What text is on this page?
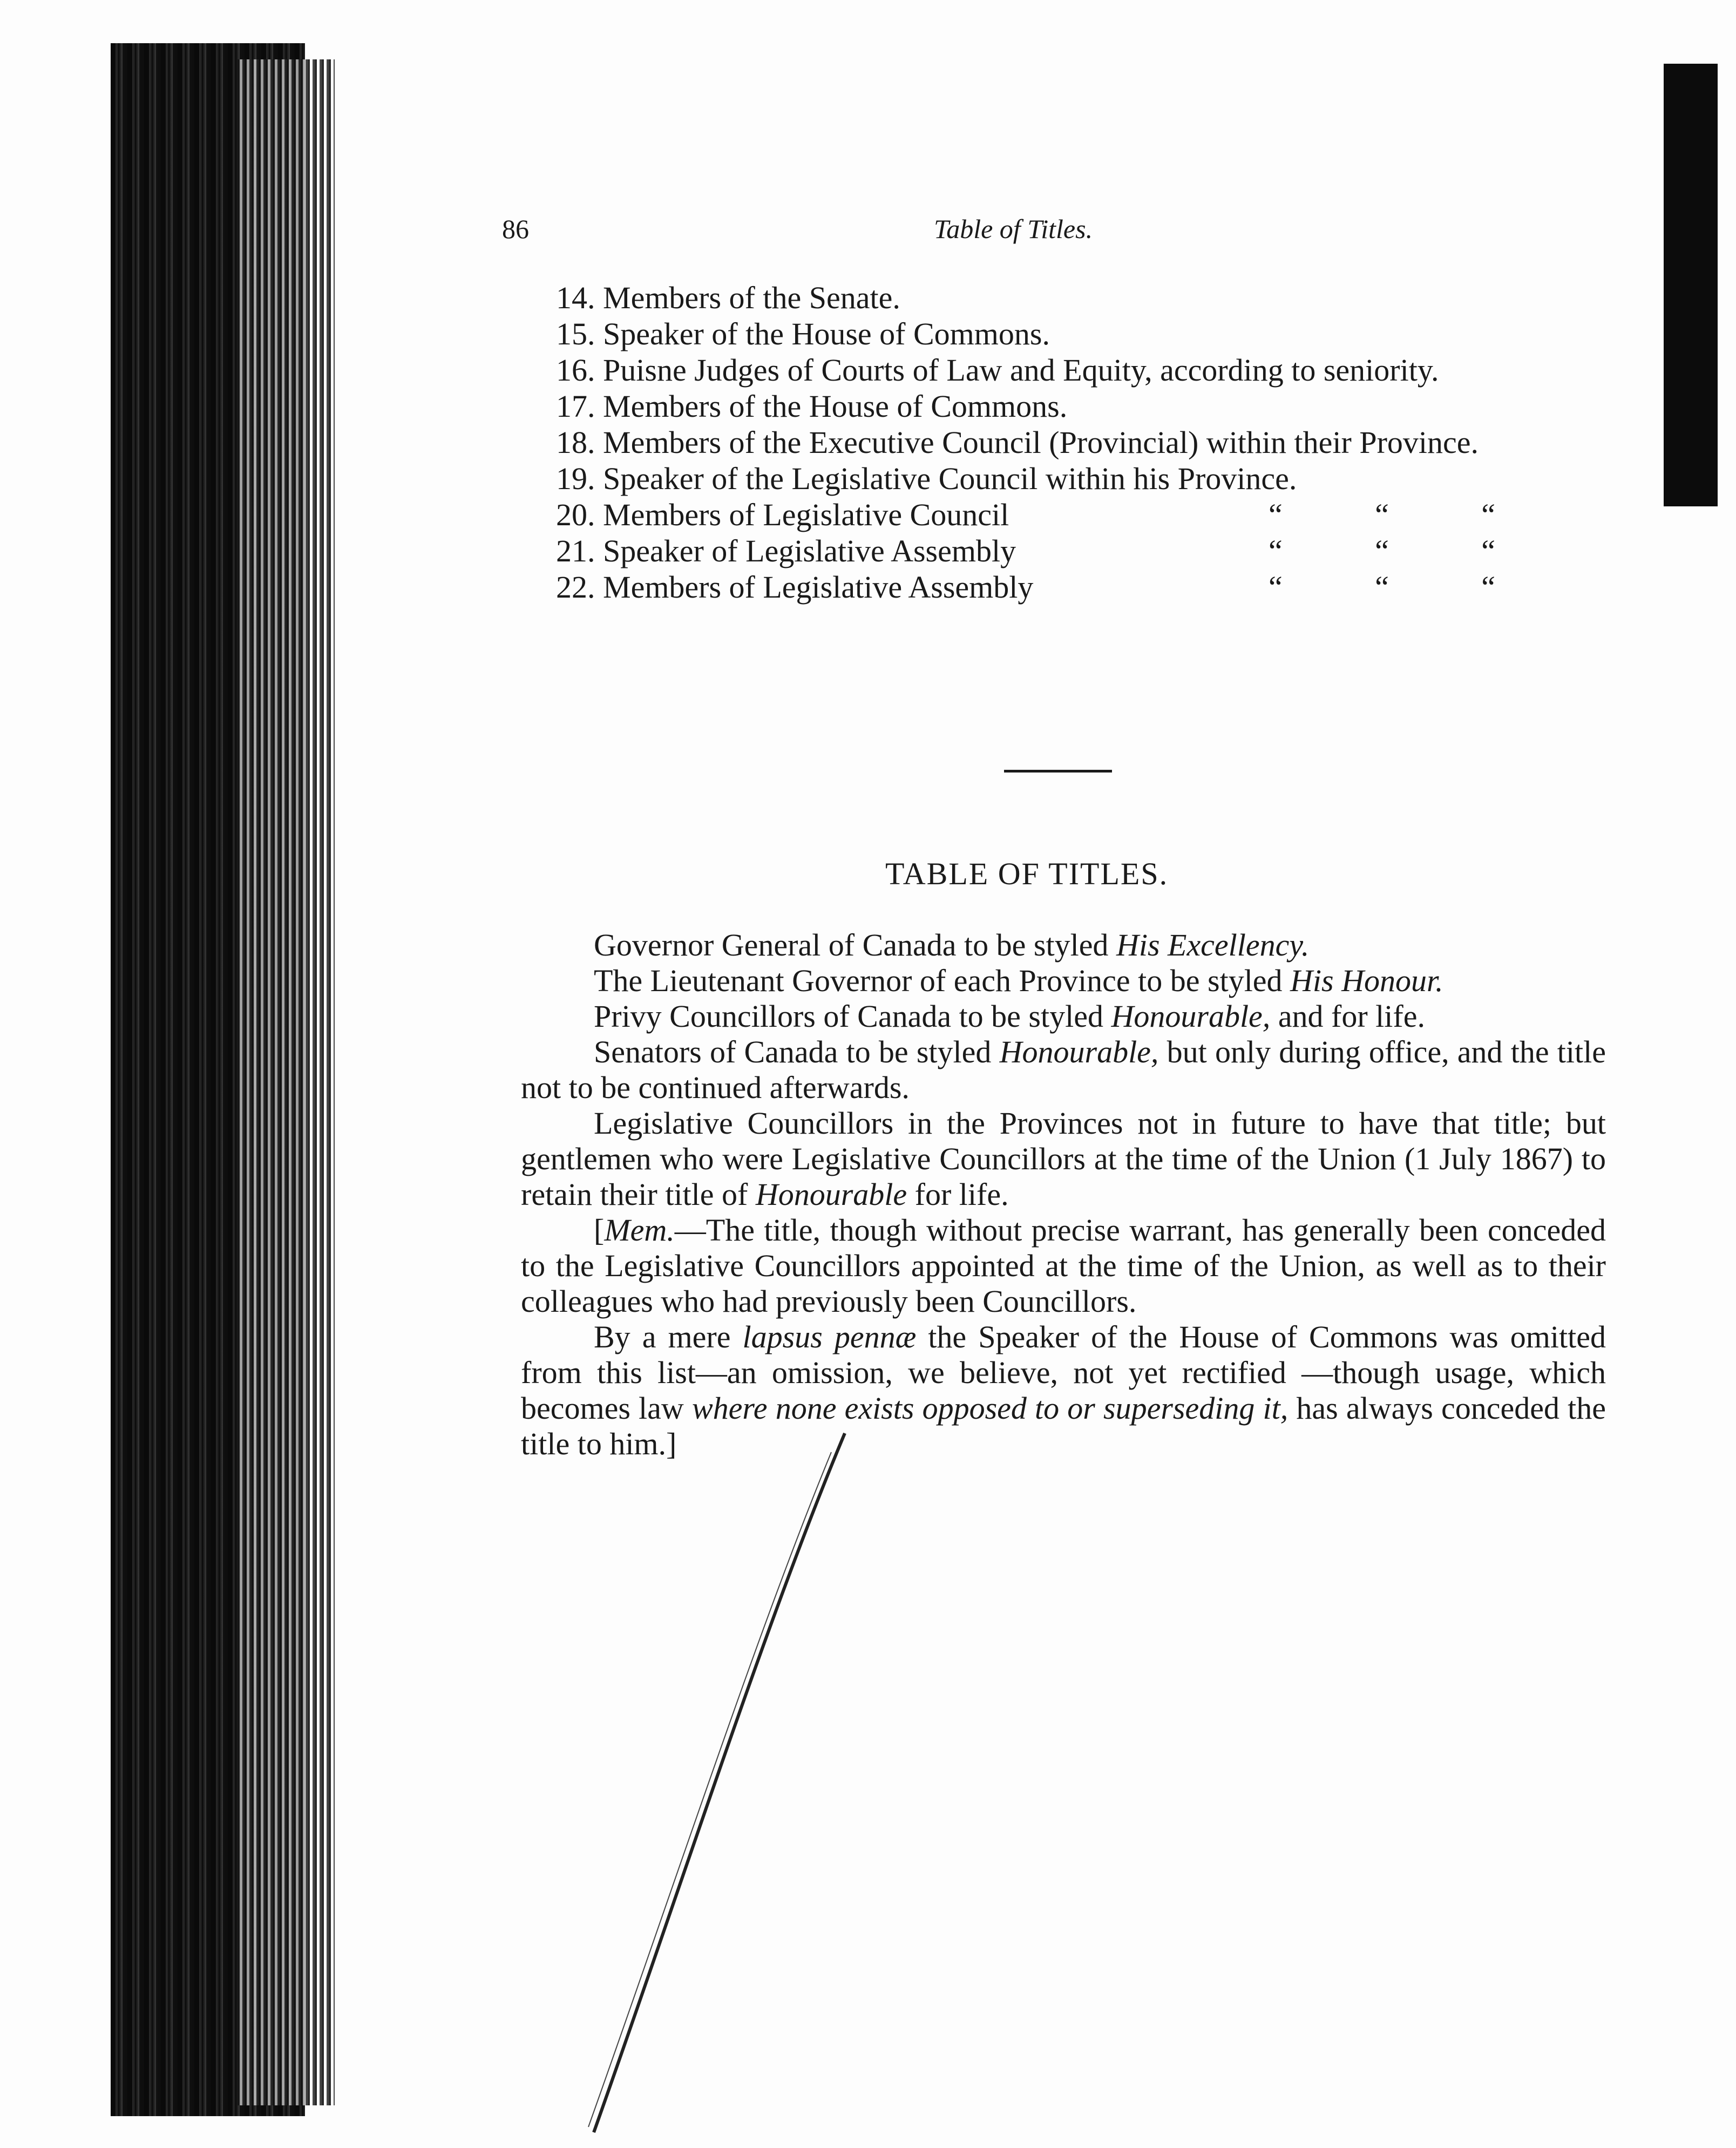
86	Table of Titles.
14. Members of the Senate.
15. Speaker of the House of Commons.
16. Puisne Judges of Courts of Law and Equity, according to seniority.
17. Members of the House of Commons.
18. Members of the Executive Council (Provincial) within their Province.
19. Speaker of the Legislative Council within his Province.
20. Members of Legislative Council	“	“	“
21. Speaker of Legislative Assembly	“	“	“
22. Members of Legislative Assembly	“	“	“
TABLE OF TITLES.

Governor General of Canada to be styled His Excellency.

The Lieutenant Governor of each Province to be styled His Honour.

Privy Councillors of Canada to be styled Honourable, and for life.

Senators of Canada to be styled Honourable, but only during office, and the title not to be continued afterwards.

Legislative Councillors in the Provinces not in future to have that title; but gentlemen who were Legislative Councillors at the time of the Union (1 July 1867) to retain their title of Honourable for life.

[Mem.—The title, though without precise warrant, has generally been conceded to the Legislative Councillors appointed at the time of the Union, as well as to their colleagues who had previously been Councillors.

By a mere lapsus pennæ the Speaker of the House of Commons was omitted from this list—an omission, we believe, not yet rectified —though usage, which becomes law where none exists opposed to or superseding it, has always conceded the title to him.]
